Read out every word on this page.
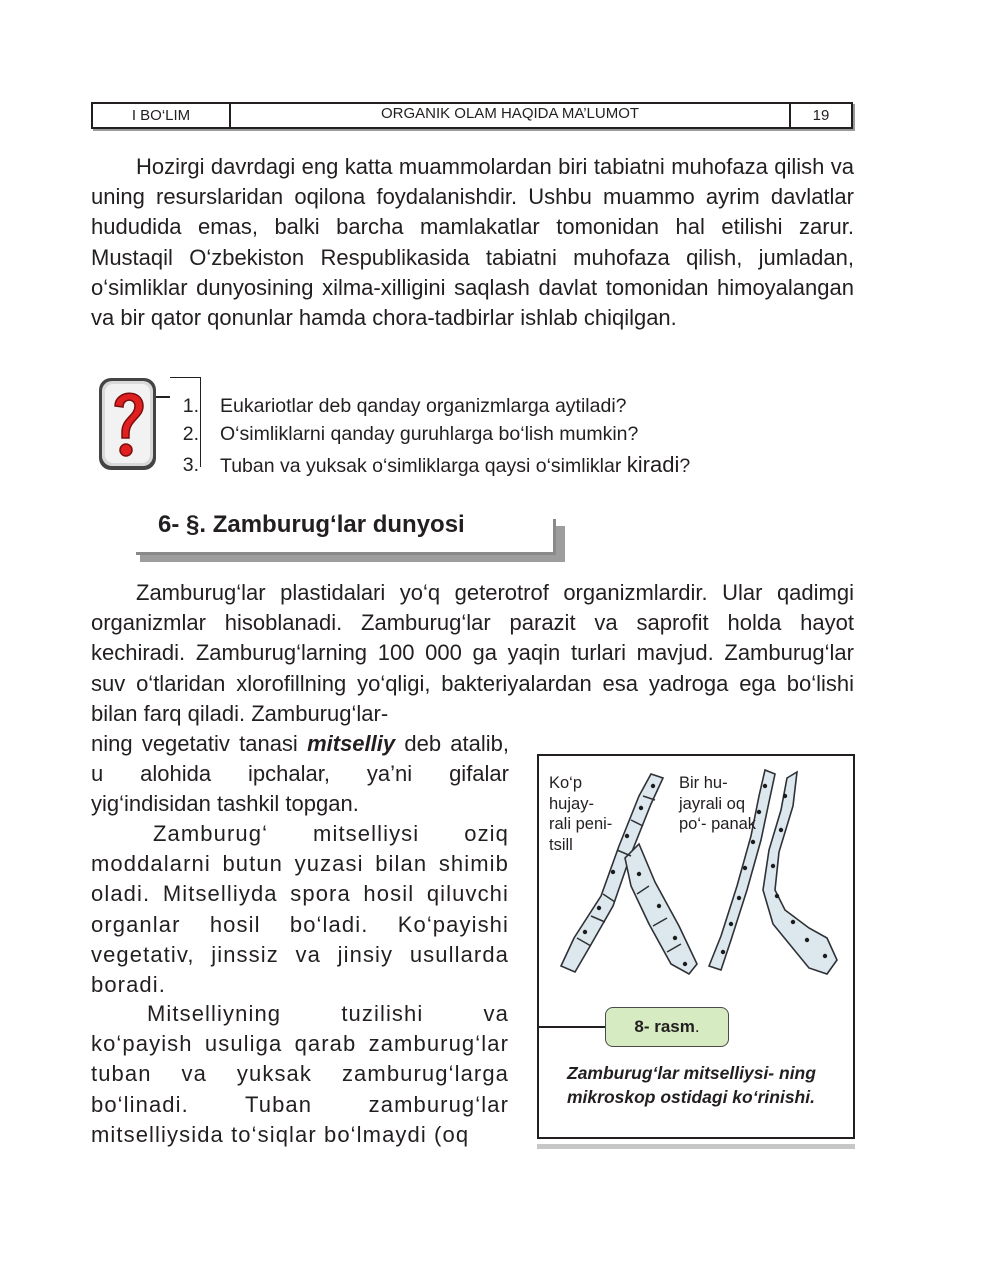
I BO‘LIM	ORGANIK OLAM HAQIDA MA’LUMOT	19

Hozirgi davrdagi eng katta muammolardan biri tabiatni muhofaza qilish va uning resurslaridan oqilona foydalanishdir. Ushbu muammo ayrim davlatlar hududida emas, balki barcha mamlakatlar tomonidan hal etilishi zarur. Mustaqil O‘zbekiston Respublikasida tabiatni muhofaza qilish, jumladan, o‘simliklar dunyosining xilma-xilligini saqlash davlat tomonidan himoyalangan va bir qator qonunlar hamda chora-tadbirlar ishlab chiqilgan.

1. Eukariotlar deb qanday organizmlarga aytiladi?
2. O‘simliklarni qanday guruhlarga bo‘lish mumkin?
3. Tuban va yuksak o‘simliklarga qaysi o‘simliklar kiradi?
6- §. Zamburug‘lar dunyosi

Zamburug‘lar plastidalari yo‘q geterotrof organizmlardir. Ular qadimgi organizmlar hisoblanadi. Zamburug‘lar parazit va saprofit holda hayot kechiradi. Zamburug‘larning 100 000 ga yaqin turlari mavjud. Zamburug‘lar suv o‘tlaridan xlorofillning yo‘qligi, bakteriyalardan esa yadroga ega bo‘lishi bilan farq qiladi. Zamburug‘lar-

ning vegetativ tanasi mitselliy deb atalib, u alohida ipchalar, ya’ni gifalar yig‘indisidan tashkil topgan.

Zamburug‘ mitselliysi oziq moddalarni butun yuzasi bilan shimib oladi. Mitselliyda spora hosil qiluvchi organlar hosil bo‘ladi. Ko‘payishi vegetativ, jinssiz va jinsiy usullarda boradi.

Mitselliyning tuzilishi va ko‘payish usuliga qarab zamburug‘lar tuban va yuksak zamburug‘larga bo‘linadi. Tuban zamburug‘lar mitselliysida to‘siqlar bo‘lmaydi (oq

Ko‘p hujay- rali peni- tsill
Bir hu- jayrali oq po‘- panak
8- rasm .
Zamburug‘lar mitselliysi- ning mikroskop ostidagi ko‘rinishi.
